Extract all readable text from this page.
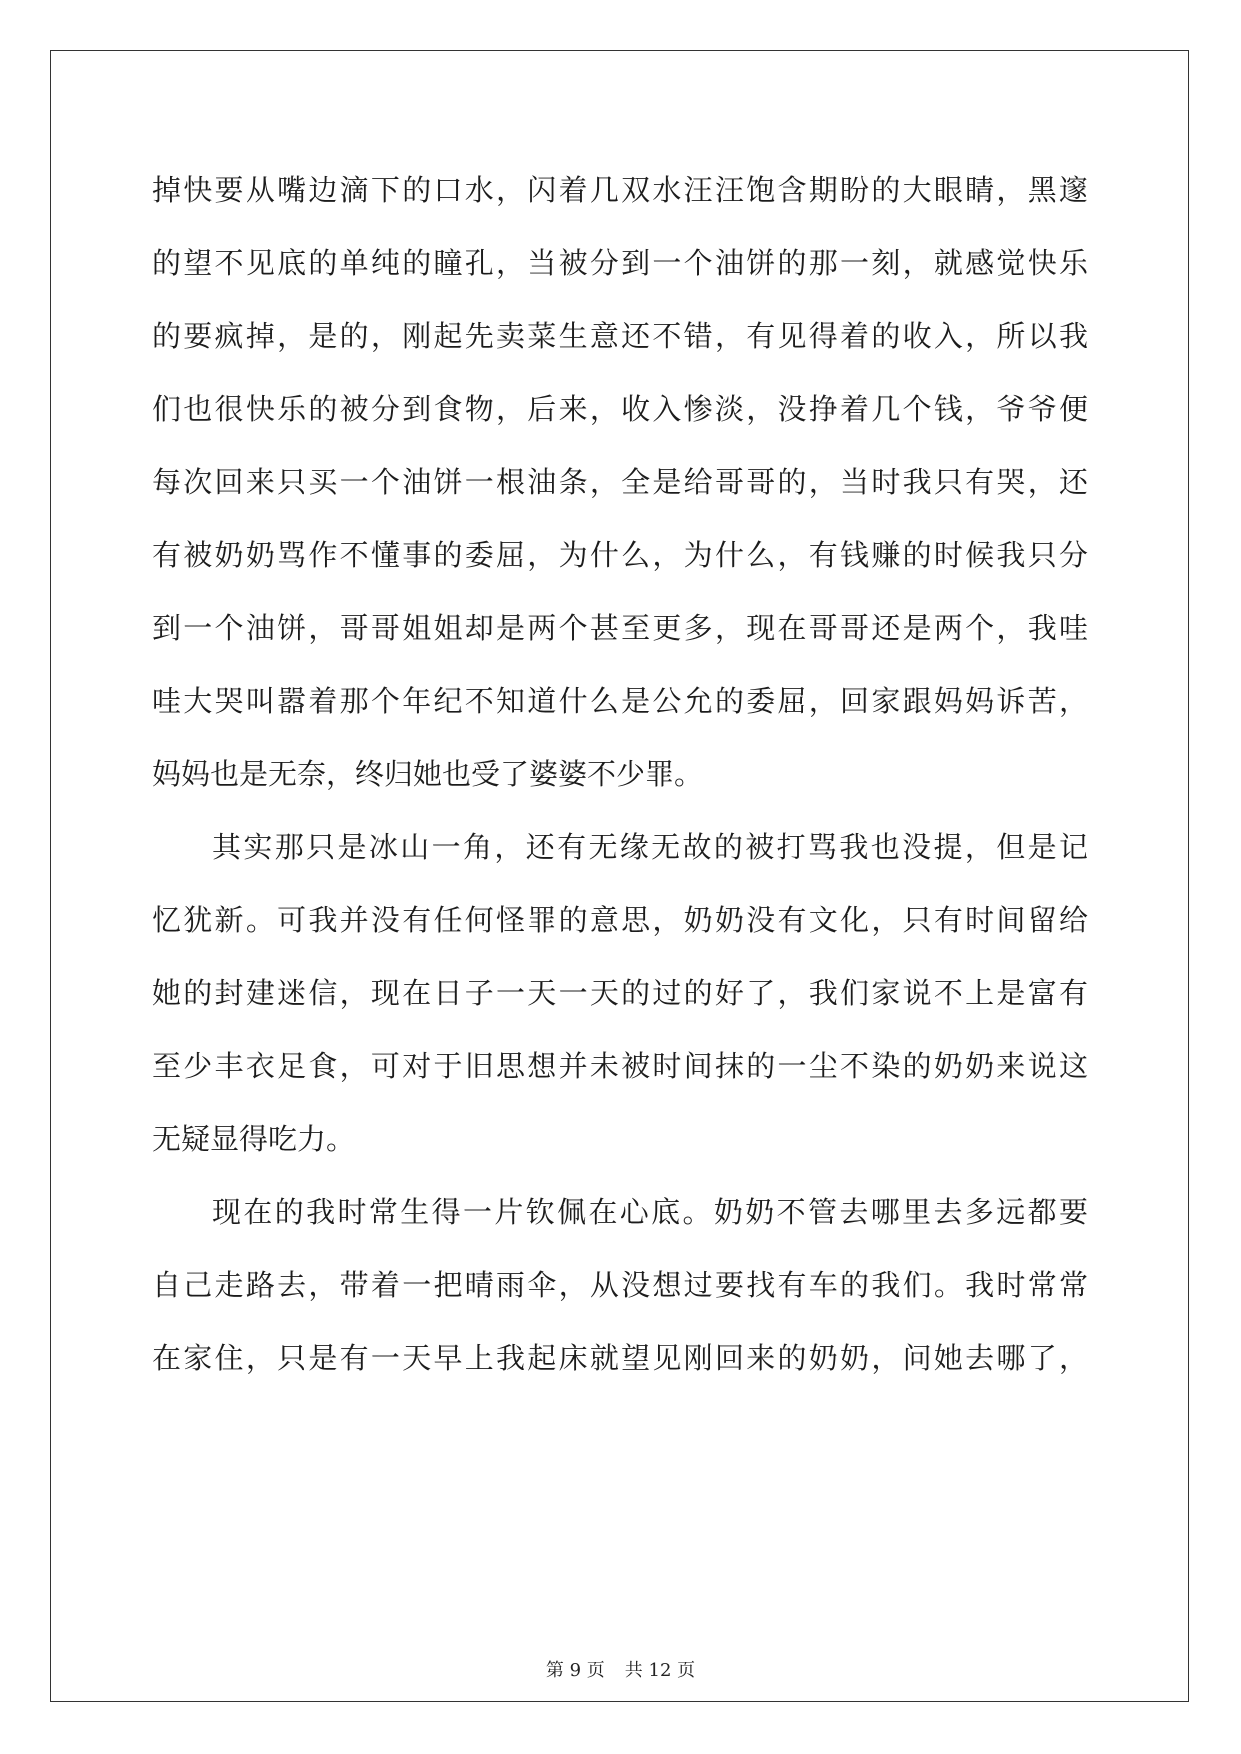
掉快要从嘴边滴下的口水，闪着几双水汪汪饱含期盼的大眼睛，黑邃
的望不见底的单纯的瞳孔，当被分到一个油饼的那一刻，就感觉快乐
的要疯掉，是的，刚起先卖菜生意还不错，有见得着的收入，所以我
们也很快乐的被分到食物，后来，收入惨淡，没挣着几个钱，爷爷便
每次回来只买一个油饼一根油条，全是给哥哥的，当时我只有哭，还
有被奶奶骂作不懂事的委屈，为什么，为什么，有钱赚的时候我只分
到一个油饼，哥哥姐姐却是两个甚至更多，现在哥哥还是两个，我哇
哇大哭叫嚣着那个年纪不知道什么是公允的委屈，回家跟妈妈诉苦，
妈妈也是无奈，终归她也受了婆婆不少罪。
其实那只是冰山一角，还有无缘无故的被打骂我也没提，但是记
忆犹新。可我并没有任何怪罪的意思，奶奶没有文化，只有时间留给
她的封建迷信，现在日子一天一天的过的好了，我们家说不上是富有
至少丰衣足食，可对于旧思想并未被时间抹的一尘不染的奶奶来说这
无疑显得吃力。
现在的我时常生得一片钦佩在心底。奶奶不管去哪里去多远都要
自己走路去，带着一把晴雨伞，从没想过要找有车的我们。我时常常
在家住，只是有一天早上我起床就望见刚回来的奶奶，问她去哪了，
第 9 页 共 12 页
